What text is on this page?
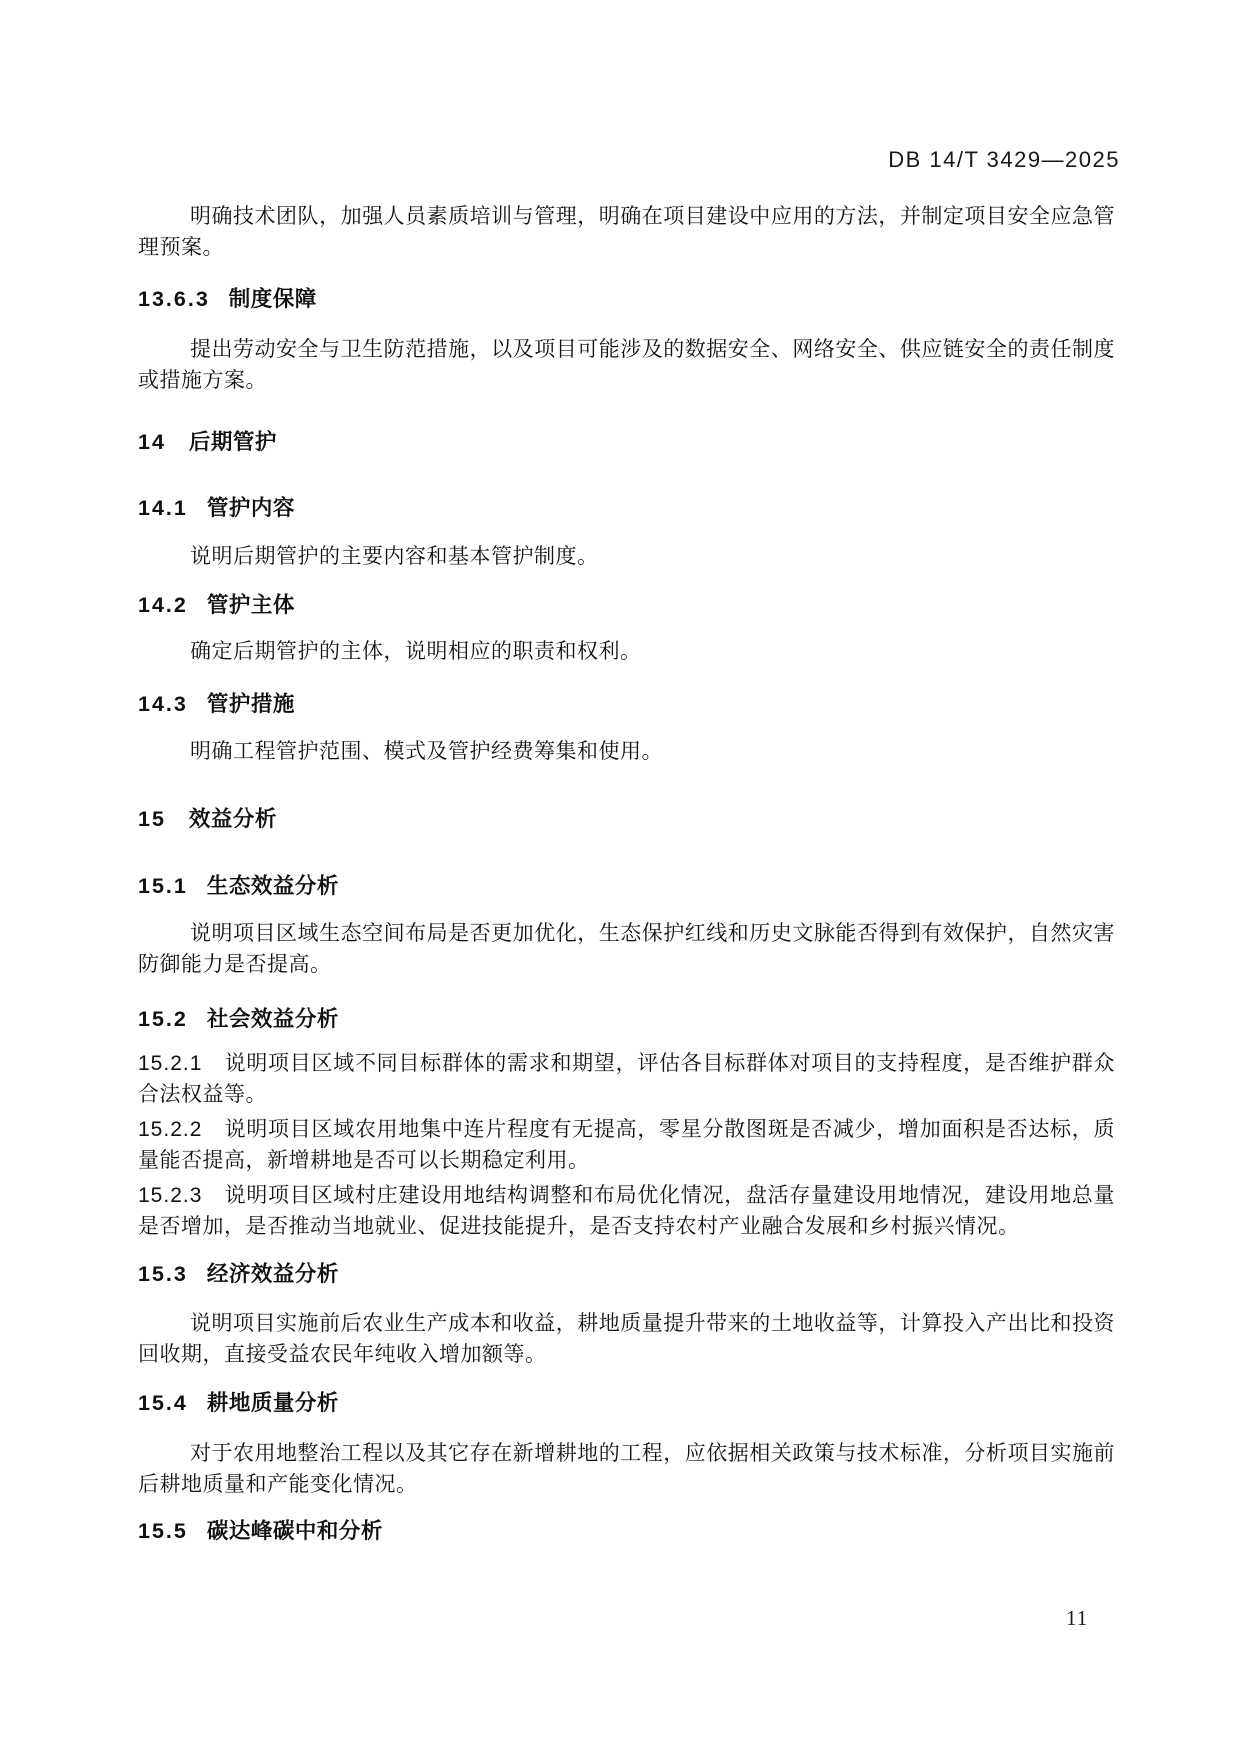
DB 14/T 3429—2025

明确技术团队，加强人员素质培训与管理，明确在项目建设中应用的方法，并制定项目安全应急管理预案。

13.6.3 制度保障

提出劳动安全与卫生防范措施，以及项目可能涉及的数据安全、网络安全、供应链安全的责任制度或措施方案。

14 后期管护
14.1 管护内容

说明后期管护的主要内容和基本管护制度。

14.2 管护主体

确定后期管护的主体，说明相应的职责和权利。

14.3 管护措施

明确工程管护范围、模式及管护经费筹集和使用。

15 效益分析
15.1 生态效益分析

说明项目区域生态空间布局是否更加优化，生态保护红线和历史文脉能否得到有效保护，自然灾害防御能力是否提高。

15.2 社会效益分析

15.2.1 说明项目区域不同目标群体的需求和期望，评估各目标群体对项目的支持程度，是否维护群众合法权益等。

15.2.2 说明项目区域农用地集中连片程度有无提高，零星分散图斑是否减少，增加面积是否达标，质量能否提高，新增耕地是否可以长期稳定利用。

15.2.3 说明项目区域村庄建设用地结构调整和布局优化情况，盘活存量建设用地情况，建设用地总量是否增加，是否推动当地就业、促进技能提升，是否支持农村产业融合发展和乡村振兴情况。

15.3 经济效益分析

说明项目实施前后农业生产成本和收益，耕地质量提升带来的土地收益等，计算投入产出比和投资回收期，直接受益农民年纯收入增加额等。

15.4 耕地质量分析

对于农用地整治工程以及其它存在新增耕地的工程，应依据相关政策与技术标准，分析项目实施前后耕地质量和产能变化情况。

15.5 碳达峰碳中和分析
11
